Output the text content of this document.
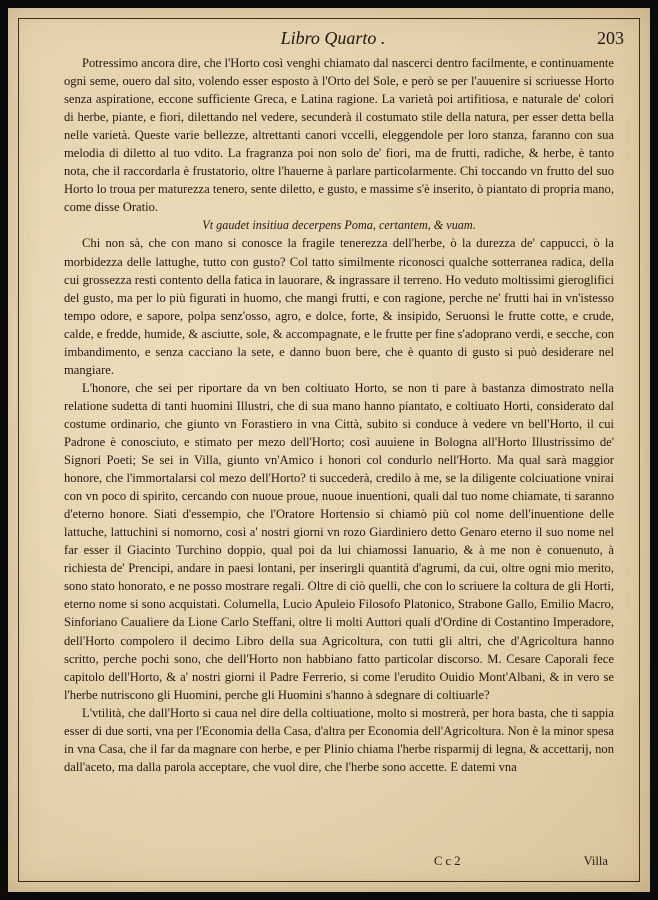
Libro Quarto .	203

Potressimo ancora dire, che l'Horto così venghi chiamato dal nascerci dentro facilmente, e continuamente ogni seme, ouero dal sito, volendo esser esposto à l'Orto del Sole, e però se per l'auuenire si scriuesse Horto senza aspiratione, eccone sufficiente Greca, e Latina ragione. La varietà poi artifitiosa, e naturale de' colori di herbe, piante, e fiori, dilettando nel vedere, secunderà il costumato stile della natura, per esser detta bella nelle varietà. Queste varie bellezze, altrettanti canori vccelli, eleggendole per loro stanza, faranno con sua melodia di diletto al tuo vdito. La fragranza poi non solo de' fiori, ma de frutti, radiche, & herbe, è tanto nota, che il raccordarla è frustatorio, oltre l'hauerne à parlare particolarmente. Chi toccando vn frutto del suo Horto lo troua per maturezza tenero, sente diletto, e gusto, e massime s'è inserito, ò piantato di propria mano, come disse Oratio.

Vt gaudet insitiua decerpens Poma, certantem, & vuam.

Chi non sà, che con mano si conosce la fragile tenerezza dell'herbe, ò la durezza de' cappucci, ò la morbidezza delle lattughe, tutto con gusto? Col tatto similmente riconosci qualche sotterranea radica, della cui grossezza resti contento della fatica in lauorare, & ingrassare il terreno. Ho veduto moltissimi gieroglifici del gusto, ma per lo più figurati in huomo, che mangi frutti, e con ragione, perche ne' frutti hai in vn'istesso tempo odore, e sapore, polpa senz'osso, agro, e dolce, forte, & insipido, Seruonsi le frutte cotte, e crude, calde, e fredde, humide, & asciutte, sole, & accompagnate, e le frutte per fine s'adoprano verdi, e secche, con imbandimento, e senza cacciano la sete, e danno buon bere, che è quanto di gusto si può desiderare nel mangiare.

L'honore, che sei per riportare da vn ben coltiuato Horto, se non ti pare à bastanza dimostrato nella relatione sudetta di tanti huomini Illustri, che di sua mano hanno piantato, e coltiuato Horti, considerato dal costume ordinario, che giunto vn Forastiero in vna Città, subito si conduce à vedere vn bell'Horto, il cui Padrone è conosciuto, e stimato per mezo dell'Horto; così auuiene in Bologna all'Horto Illustrissimo de' Signori Poeti; Se sei in Villa, giunto vn'Amico i honori col condurlo nell'Horto. Ma qual sarà maggior honore, che l'immortalarsi col mezo dell'Horto? ti succederà, credilo à me, se la diligente colciuatione vnirai con vn poco di spirito, cercando con nuoue proue, nuoue inuentioni, quali dal tuo nome chiamate, ti saranno d'eterno honore. Siati d'essempio, che l'Oratore Hortensio si chiamò più col nome dell'inuentione delle lattuche, lattuchini si nomorno, così a' nostri giorni vn rozo Giardiniero detto Genaro eterno il suo nome nel far esser il Giacinto Turchino doppio, qual poi da lui chiamossi Ianuario, & à me non è conuenuto, à richiesta de' Prencipi, andare in paesi lontani, per inserirgli quantità d'agrumi, da cui, oltre ogni mio merito, sono stato honorato, e ne posso mostrare regali. Oltre di ciò quelli, che con lo scriuere la coltura de gli Horti, eterno nome si sono acquistati. Columella, Lucio Apuleio Filosofo Platonico, Strabone Gallo, Emilio Macro, Sinforiano Caualiere da Lione Carlo Steffani, oltre li molti Auttori quali d'Ordine di Costantino Imperadore, dell'Horto compolero il decimo Libro della sua Agricoltura, con tutti gli altri, che d'Agricoltura hanno scritto, perche pochi sono, che dell'Horto non habbiano fatto particolar discorso. M. Cesare Caporali fece capitolo dell'Horto, & a' nostri giorni il Padre Ferrerio, si come l'erudito Ouidio Mont'Albani, & in vero se l'herbe nutriscono gli Huomini, perche gli Huomini s'hanno à sdegnare di coltiuarle?

L'vtilità, che dall'Horto si caua nel dire della coltiuatione, molto si mostrerà, per hora basta, che ti sappia esser di due sorti, vna per l'Economia della Casa, d'altra per Economia dell'Agricoltura. Non è la minor spesa in vna Casa, che il far da magnare con herbe, e per Plinio chiama l'herbe risparmij di legna, & accettarij, non dall'aceto, ma dalla parola acceptare, che vuol dire, che l'herbe sono accette. E datemi vna

C c 2	Villa
